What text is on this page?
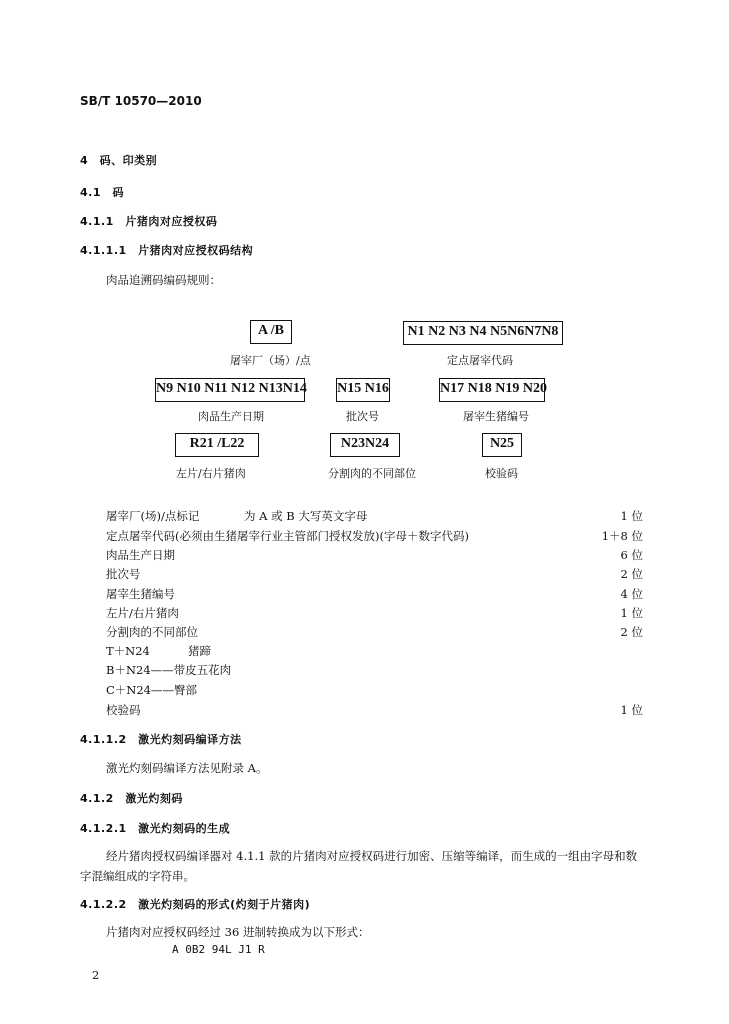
SB/T 10570—2010
4　码、印类别
4.1　码
4.1.1　片猪肉对应授权码
4.1.1.1　片猪肉对应授权码结构
肉品追溯码编码规则：
A /B
屠宰厂（场）/点
N1 N2 N3 N4 N5N6N7N8
定点屠宰代码
N9 N10 N11 N12 N13N14
肉品生产日期
N15 N16
批次号
N17 N18 N19 N20
屠宰生猪编号
R21 /L22
左片/右片猪肉
N23N24
分割肉的不同部位
N25
校验码
屠宰厂(场)/点标记	为 A 或 B 大写英文字母	1 位
定点屠宰代码(必须由生猪屠宰行业主管部门授权发放)(字母＋数字代码)	1＋8 位
肉品生产日期	6 位
批次号	2 位
屠宰生猪编号	4 位
左片/右片猪肉	1 位
分割肉的不同部位	2 位
T＋N24	猪蹄
B＋N24——带皮五花肉
C＋N24——臀部
校验码	1 位
4.1.1.2　激光灼刻码编译方法
激光灼刻码编译方法见附录 A。
4.1.2　激光灼刻码
4.1.2.1　激光灼刻码的生成
经片猪肉授权码编译器对 4.1.1 款的片猪肉对应授权码进行加密、压缩等编译，而生成的一组由字母和数字混编组成的字符串。
4.1.2.2　激光灼刻码的形式(灼刻于片猪肉)
片猪肉对应授权码经过 36 进制转换成为以下形式：
A 0B2 94L J1 R
2
